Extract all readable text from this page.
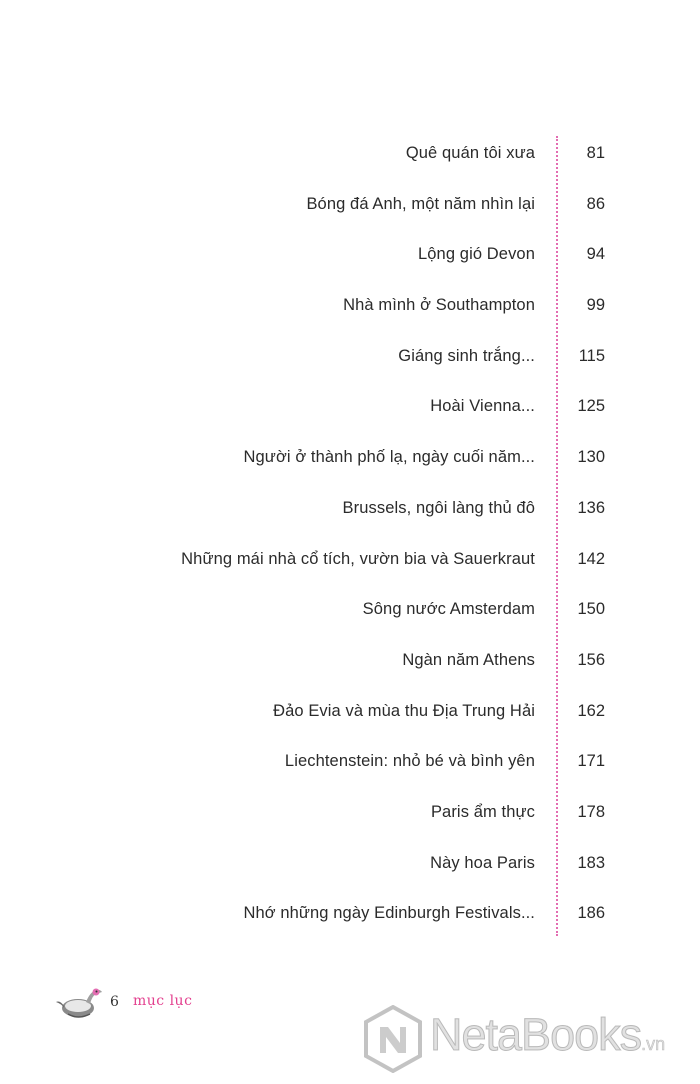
Quê quán tôi xưa	81
Bóng đá Anh, một năm nhìn lại	86
Lộng gió Devon	94
Nhà mình ở Southampton	99
Giáng sinh trắng...	115
Hoài Vienna...	125
Người ở thành phố lạ, ngày cuối năm...	130
Brussels, ngôi làng thủ đô	136
Những mái nhà cổ tích, vườn bia và Sauerkraut	142
Sông nước Amsterdam	150
Ngàn năm Athens	156
Đảo Evia và mùa thu Địa Trung Hải	162
Liechtenstein: nhỏ bé và bình yên	171
Paris ẩm thực	178
Này hoa Paris	183
Nhớ những ngày Edinburgh Festivals...	186
6 mục lục
NetaBooks.vn
